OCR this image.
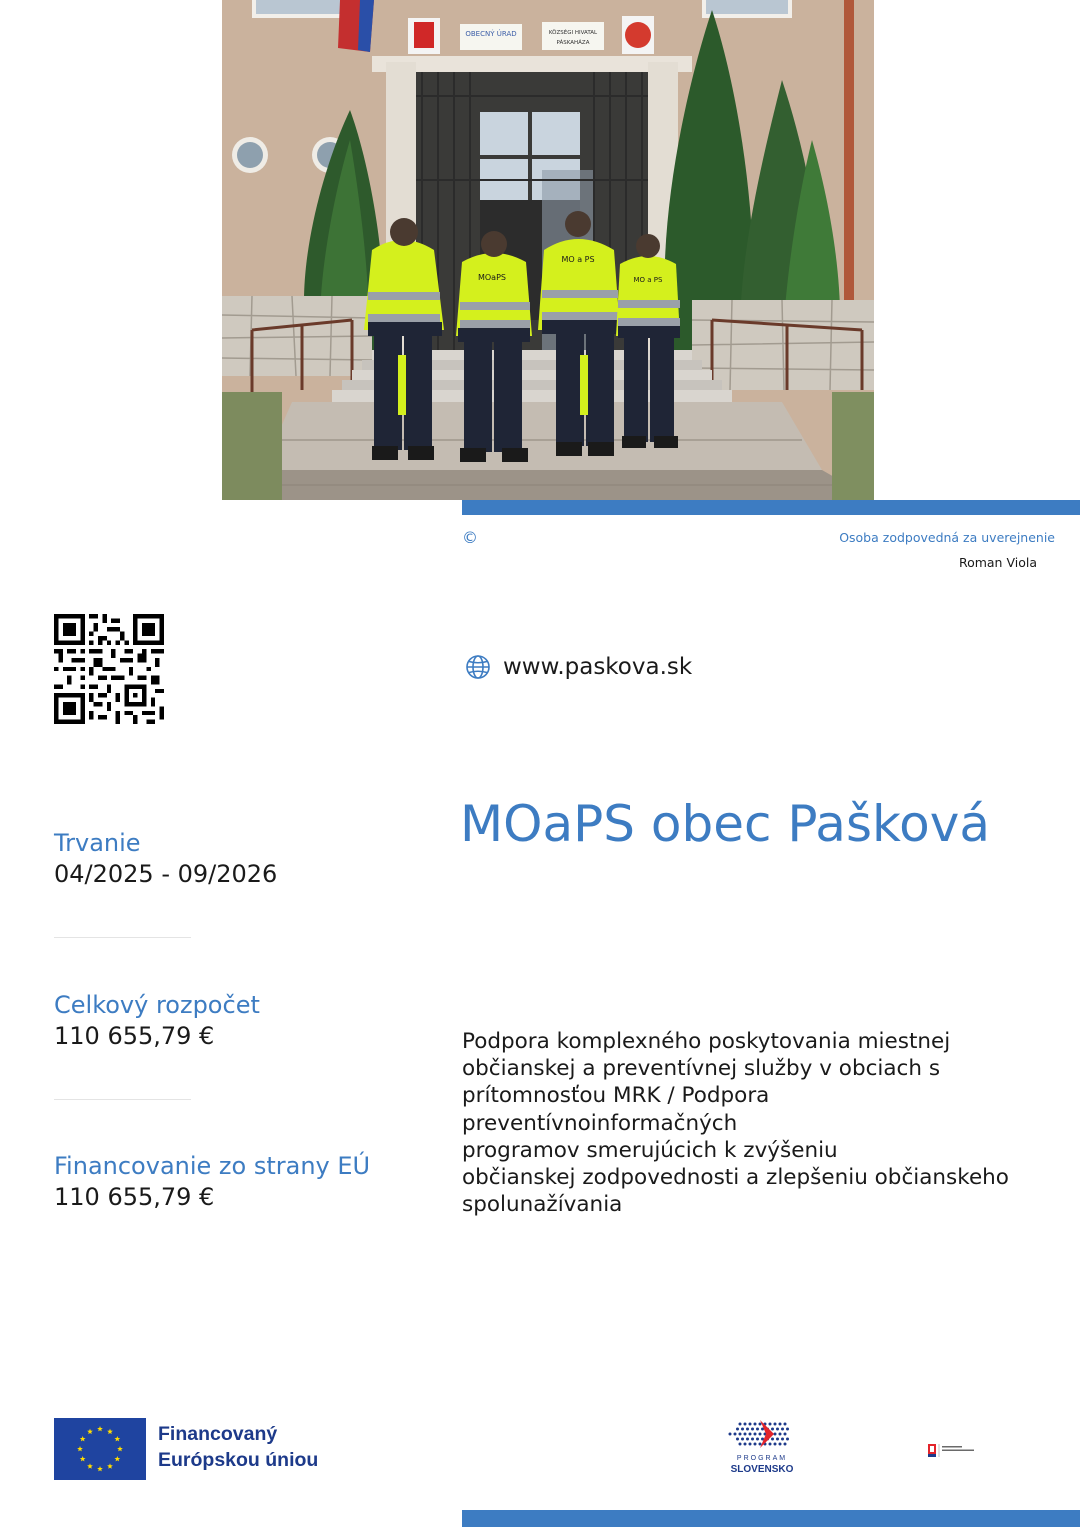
OBECNÝ ÚRAD	KÖZSÉGI HIVATAL
PÁSKAHÁZA
MOaPS
MO a PS
MO a PS
©	Osoba zodpovedná za uverejnenie
Roman Viola
www.paskova.sk
Trvanie
04/2025 - 09/2026
Celkový rozpočet
110 655,79 €
Financovanie zo strany EÚ
110 655,79 €
MOaPS obec Pašková
Podpora komplexného poskytovania miestnej
občianskej a preventívnej služby v obciach s
prítomnosťou MRK / Podpora
preventívnoinformačných
programov smerujúcich k zvýšeniu
občianskej zodpovednosti a zlepšeniu občianskeho
spolunažívania
Financovaný
Európskou úniou	PROGRAM
SLOVENSKO
